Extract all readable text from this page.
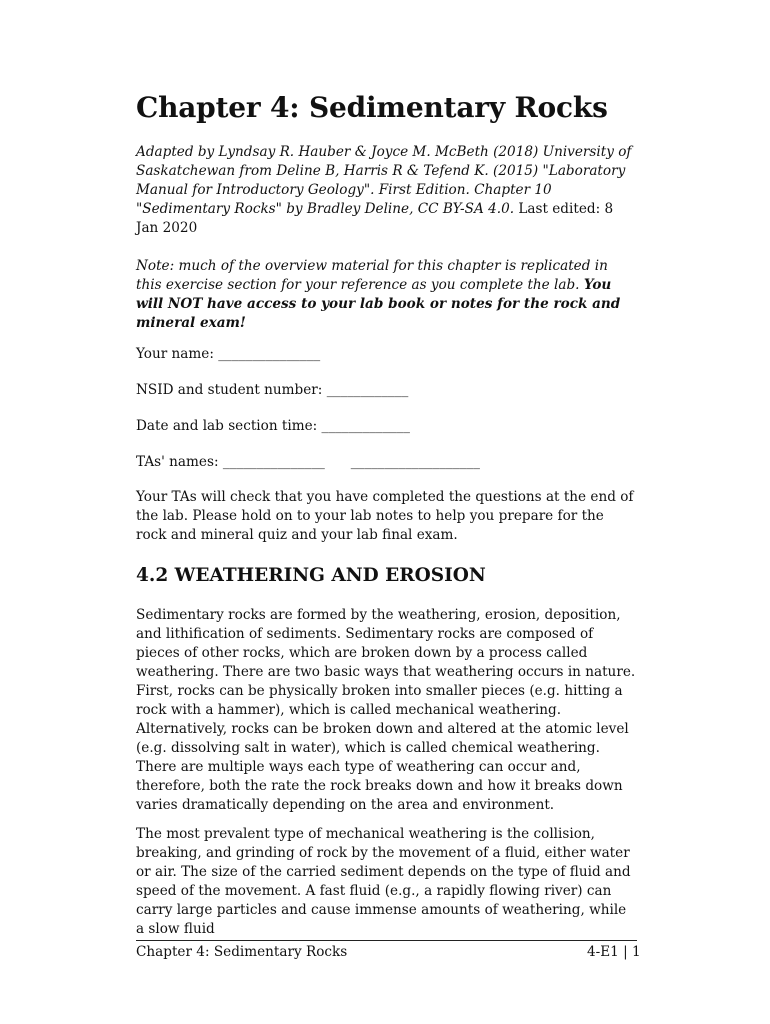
Chapter 4: Sedimentary Rocks

Adapted by Lyndsay R. Hauber & Joyce M. McBeth (2018) University of Saskatchewan from Deline B, Harris R & Tefend K. (2015) "Laboratory Manual for Introductory Geology". First Edition. Chapter 10 "Sedimentary Rocks" by Bradley Deline, CC BY-SA 4.0. Last edited: 8 Jan 2020

Note: much of the overview material for this chapter is replicated in this exercise section for your reference as you complete the lab. You will NOT have access to your lab book or notes for the rock and mineral exam!

Your name: _______________

NSID and student number: ____________

Date and lab section time: _____________

TAs' names: _______________      ___________________

Your TAs will check that you have completed the questions at the end of the lab. Please hold on to your lab notes to help you prepare for the rock and mineral quiz and your lab final exam.

4.2 WEATHERING AND EROSION

Sedimentary rocks are formed by the weathering, erosion, deposition, and lithification of sediments. Sedimentary rocks are composed of pieces of other rocks, which are broken down by a process called weathering. There are two basic ways that weathering occurs in nature. First, rocks can be physically broken into smaller pieces (e.g. hitting a rock with a hammer), which is called mechanical weathering. Alternatively, rocks can be broken down and altered at the atomic level (e.g. dissolving salt in water), which is called chemical weathering. There are multiple ways each type of weathering can occur and, therefore, both the rate the rock breaks down and how it breaks down varies dramatically depending on the area and environment.

The most prevalent type of mechanical weathering is the collision, breaking, and grinding of rock by the movement of a fluid, either water or air. The size of the carried sediment depends on the type of fluid and speed of the movement. A fast fluid (e.g., a rapidly flowing river) can carry large particles and cause immense amounts of weathering, while a slow fluid

Chapter 4: Sedimentary Rocks	4-E1 | 1
